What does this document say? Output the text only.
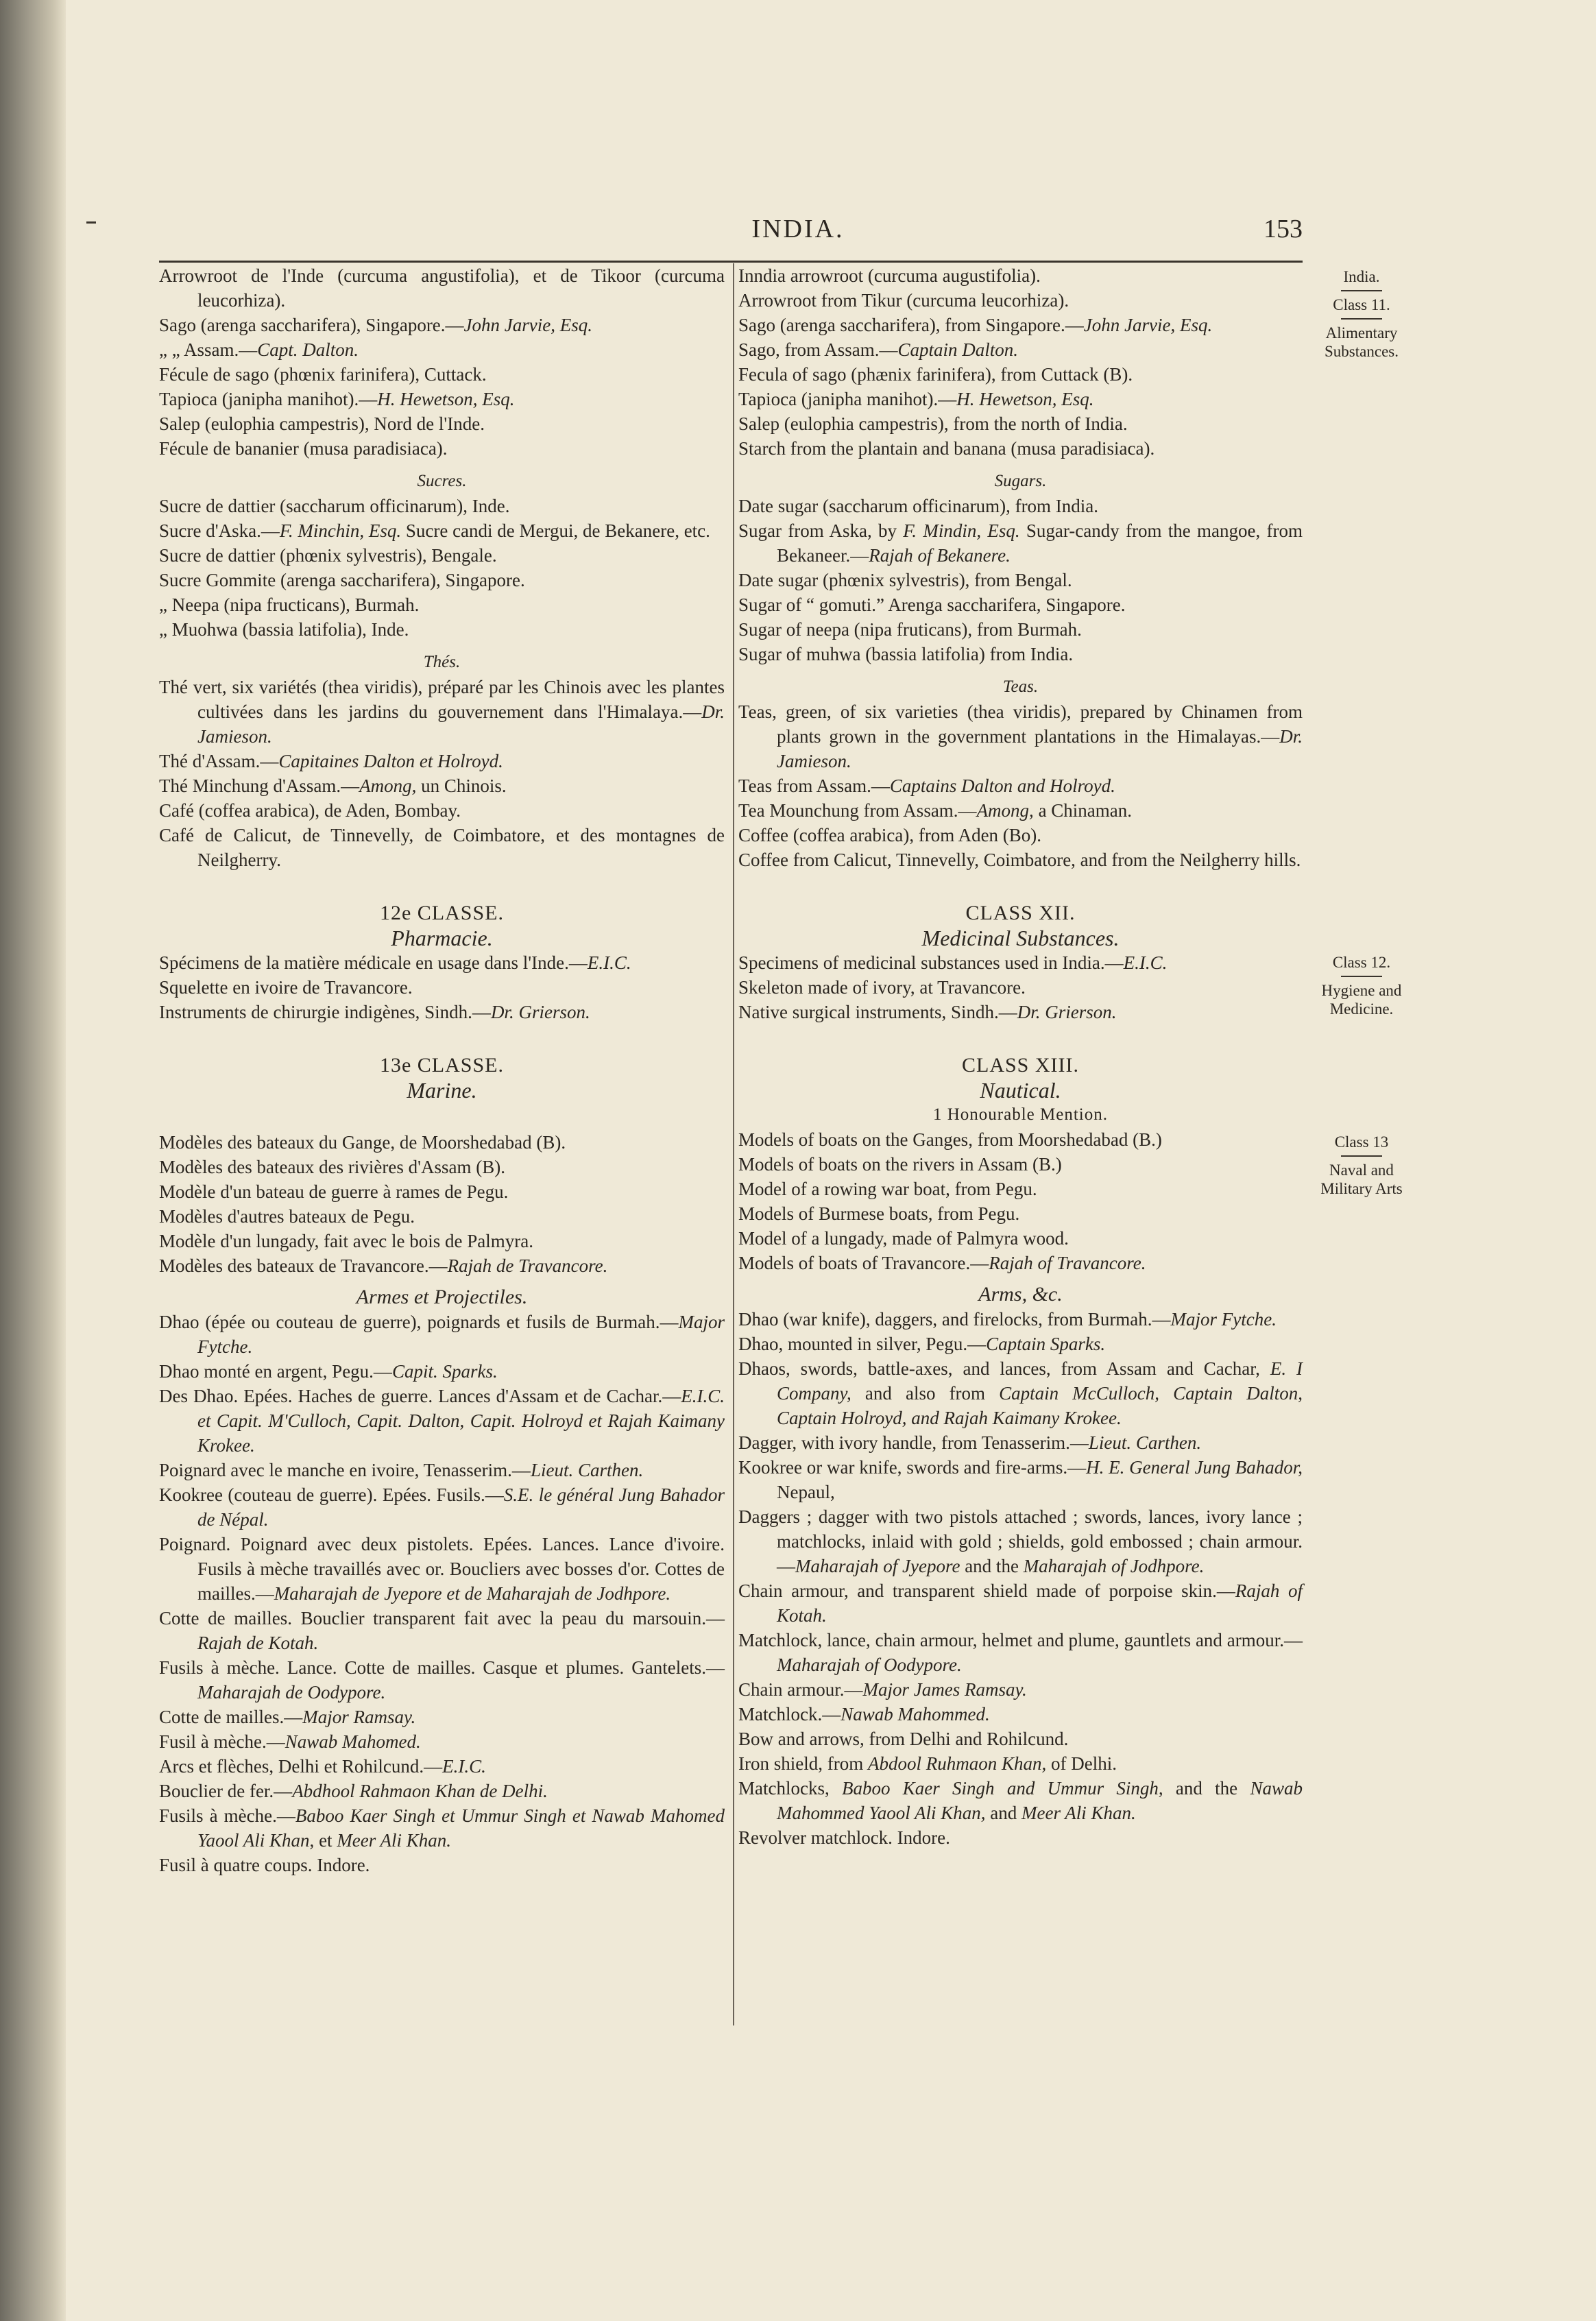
INDIA.	153
Arrowroot de l'Inde (curcuma angustifolia), et de Tikoor (curcuma leucorhiza).
Sago (arenga saccharifera), Singapore.—John Jarvie, Esq.
„ „ Assam.—Capt. Dalton.
Fécule de sago (phœnix farinifera), Cuttack.
Tapioca (janipha manihot).—H. Hewetson, Esq.
Salep (eulophia campestris), Nord de l'Inde.
Fécule de bananier (musa paradisiaca).
Sucres.
Sucre de dattier (saccharum officinarum), Inde.
Sucre d'Aska.—F. Minchin, Esq. Sucre candi de Mergui, de Bekanere, etc.
Sucre de dattier (phœnix sylvestris), Bengale.
Sucre Gommite (arenga saccharifera), Singapore.
„ Neepa (nipa fructicans), Burmah.
„ Muohwa (bassia latifolia), Inde.
Thés.
Thé vert, six variétés (thea viridis), préparé par les Chinois avec les plantes cultivées dans les jardins du gouvernement dans l'Himalaya.—Dr. Jamieson.
Thé d'Assam.—Capitaines Dalton et Holroyd.
Thé Minchung d'Assam.—Among, un Chinois.
Café (coffea arabica), de Aden, Bombay.
Café de Calicut, de Tinnevelly, de Coimbatore, et des montagnes de Neilgherry.
12e CLASSE.
Pharmacie.
Spécimens de la matière médicale en usage dans l'Inde.—E.I.C.
Squelette en ivoire de Travancore.
Instruments de chirurgie indigènes, Sindh.—Dr. Grierson.
13e CLASSE.
Marine.
Modèles des bateaux du Gange, de Moorshedabad (B).
Modèles des bateaux des rivières d'Assam (B).
Modèle d'un bateau de guerre à rames de Pegu.
Modèles d'autres bateaux de Pegu.
Modèle d'un lungady, fait avec le bois de Palmyra.
Modèles des bateaux de Travancore.—Rajah de Travancore.
Armes et Projectiles.
Dhao (épée ou couteau de guerre), poignards et fusils de Burmah.—Major Fytche.
Dhao monté en argent, Pegu.—Capit. Sparks.
Des Dhao. Epées. Haches de guerre. Lances d'Assam et de Cachar.—E.I.C. et Capit. M'Culloch, Capit. Dalton, Capit. Holroyd et Rajah Kaimany Krokee.
Poignard avec le manche en ivoire, Tenasserim.—Lieut. Carthen.
Kookree (couteau de guerre). Epées. Fusils.—S.E. le général Jung Bahador de Népal.
Poignard. Poignard avec deux pistolets. Epées. Lances. Lance d'ivoire. Fusils à mèche travaillés avec or. Boucliers avec bosses d'or. Cottes de mailles.—Maharajah de Jyepore et de Maharajah de Jodhpore.
Cotte de mailles. Bouclier transparent fait avec la peau du marsouin.—Rajah de Kotah.
Fusils à mèche. Lance. Cotte de mailles. Casque et plumes. Gantelets.—Maharajah de Oodypore.
Cotte de mailles.—Major Ramsay.
Fusil à mèche.—Nawab Mahomed.
Arcs et flèches, Delhi et Rohilcund.—E.I.C.
Bouclier de fer.—Abdhool Rahmaon Khan de Delhi.
Fusils à mèche.—Baboo Kaer Singh et Ummur Singh et Nawab Mahomed Yaool Ali Khan, et Meer Ali Khan.
Fusil à quatre coups. Indore.
Inndia arrowroot (curcuma augustifolia).
Arrowroot from Tikur (curcuma leucorhiza).
Sago (arenga saccharifera), from Singapore.—John Jarvie, Esq.
Sago, from Assam.—Captain Dalton.
Fecula of sago (phænix farinifera), from Cuttack (B).
Tapioca (janipha manihot).—H. Hewetson, Esq.
Salep (eulophia campestris), from the north of India.
Starch from the plantain and banana (musa paradisiaca).
Sugars.
Date sugar (saccharum officinarum), from India.
Sugar from Aska, by F. Mindin, Esq. Sugar-candy from the mangoe, from Bekaneer.—Rajah of Bekanere.
Date sugar (phœnix sylvestris), from Bengal.
Sugar of “ gomuti.” Arenga saccharifera, Singapore.
Sugar of neepa (nipa fruticans), from Burmah.
Sugar of muhwa (bassia latifolia) from India.
Teas.
Teas, green, of six varieties (thea viridis), prepared by Chinamen from plants grown in the government plantations in the Himalayas.—Dr. Jamieson.
Teas from Assam.—Captains Dalton and Holroyd.
Tea Mounchung from Assam.—Among, a Chinaman.
Coffee (coffea arabica), from Aden (Bo).
Coffee from Calicut, Tinnevelly, Coimbatore, and from the Neilgherry hills.
CLASS XII.
Medicinal Substances.
Specimens of medicinal substances used in India.—E.I.C.
Skeleton made of ivory, at Travancore.
Native surgical instruments, Sindh.—Dr. Grierson.
CLASS XIII.
Nautical.
1 Honourable Mention.
Models of boats on the Ganges, from Moorshedabad (B.)
Models of boats on the rivers in Assam (B.)
Model of a rowing war boat, from Pegu.
Models of Burmese boats, from Pegu.
Model of a lungady, made of Palmyra wood.
Models of boats of Travancore.—Rajah of Travancore.
Arms, &c.
Dhao (war knife), daggers, and firelocks, from Burmah.—Major Fytche.
Dhao, mounted in silver, Pegu.—Captain Sparks.
Dhaos, swords, battle-axes, and lances, from Assam and Cachar, E. I Company, and also from Captain McCulloch, Captain Dalton, Captain Holroyd, and Rajah Kaimany Krokee.
Dagger, with ivory handle, from Tenasserim.—Lieut. Carthen.
Kookree or war knife, swords and fire-arms.—H. E. General Jung Bahador, Nepaul,
Daggers ; dagger with two pistols attached ; swords, lances, ivory lance ; matchlocks, inlaid with gold ; shields, gold embossed ; chain armour.—Maharajah of Jyepore and the Maharajah of Jodhpore.
Chain armour, and transparent shield made of porpoise skin.—Rajah of Kotah.
Matchlock, lance, chain armour, helmet and plume, gauntlets and armour.—Maharajah of Oodypore.
Chain armour.—Major James Ramsay.
Matchlock.—Nawab Mahommed.
Bow and arrows, from Delhi and Rohilcund.
Iron shield, from Abdool Ruhmaon Khan, of Delhi.
Matchlocks, Baboo Kaer Singh and Ummur Singh, and the Nawab Mahommed Yaool Ali Khan, and Meer Ali Khan.
Revolver matchlock. Indore.
India.
Class 11.
Alimentary Substances.
Class 12.
Hygiene and Medicine.
Class 13
Naval and Military Arts
